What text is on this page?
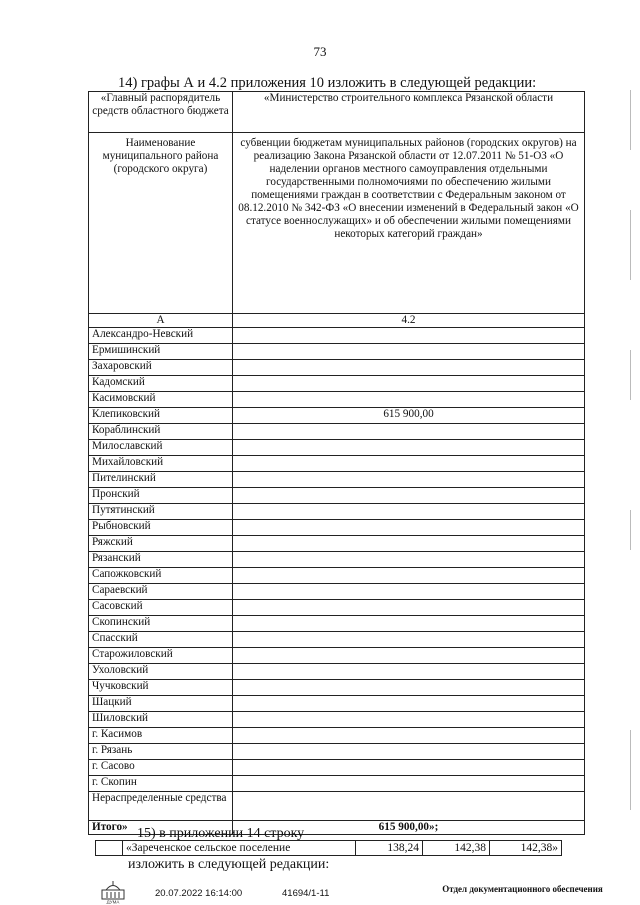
73
14) графы А и 4.2 приложения 10 изложить в следующей редакции:
«Главный распорядитель средств областного бюджета	«Министерство строительного комплекса Рязанской области
Наименование муниципального района (городского округа)	субвенции бюджетам муниципальных районов (городских округов) на реализацию Закона Рязанской области от 12.07.2011 № 51-ОЗ «О наделении органов местного самоуправления отдельными государственными полномочиями по обеспечению жилыми помещениями граждан в соответствии с Федеральным законом от 08.12.2010 № 342-ФЗ «О внесении изменений в Федеральный закон «О статусе военнослужащих» и об обеспечении жилыми помещениями некоторых категорий граждан»
А	4.2
Александро-Невский	
Ермишинский	
Захаровский	
Кадомский	
Касимовский	
Клепиковский	615 900,00
Кораблинский	
Милославский	
Михайловский	
Пителинский	
Пронский	
Путятинский	
Рыбновский	
Ряжский	
Рязанский	
Сапожковский	
Сараевский	
Сасовский	
Скопинский	
Спасский	
Старожиловский	
Ухоловский	
Чучковский	
Шацкий	
Шиловский	
г. Касимов	
г. Рязань	
г. Сасово	
г. Скопин	
Нераспределенные средства	
Итого»	615 900,00»;
15) в приложении 14 строку
	«Зареченское сельское поселение	138,24	142,38	142,38»
изложить в следующей редакции:
ДУМА
20.07.2022 16:14:00	41694/1-11	Отдел документационного обеспечения
